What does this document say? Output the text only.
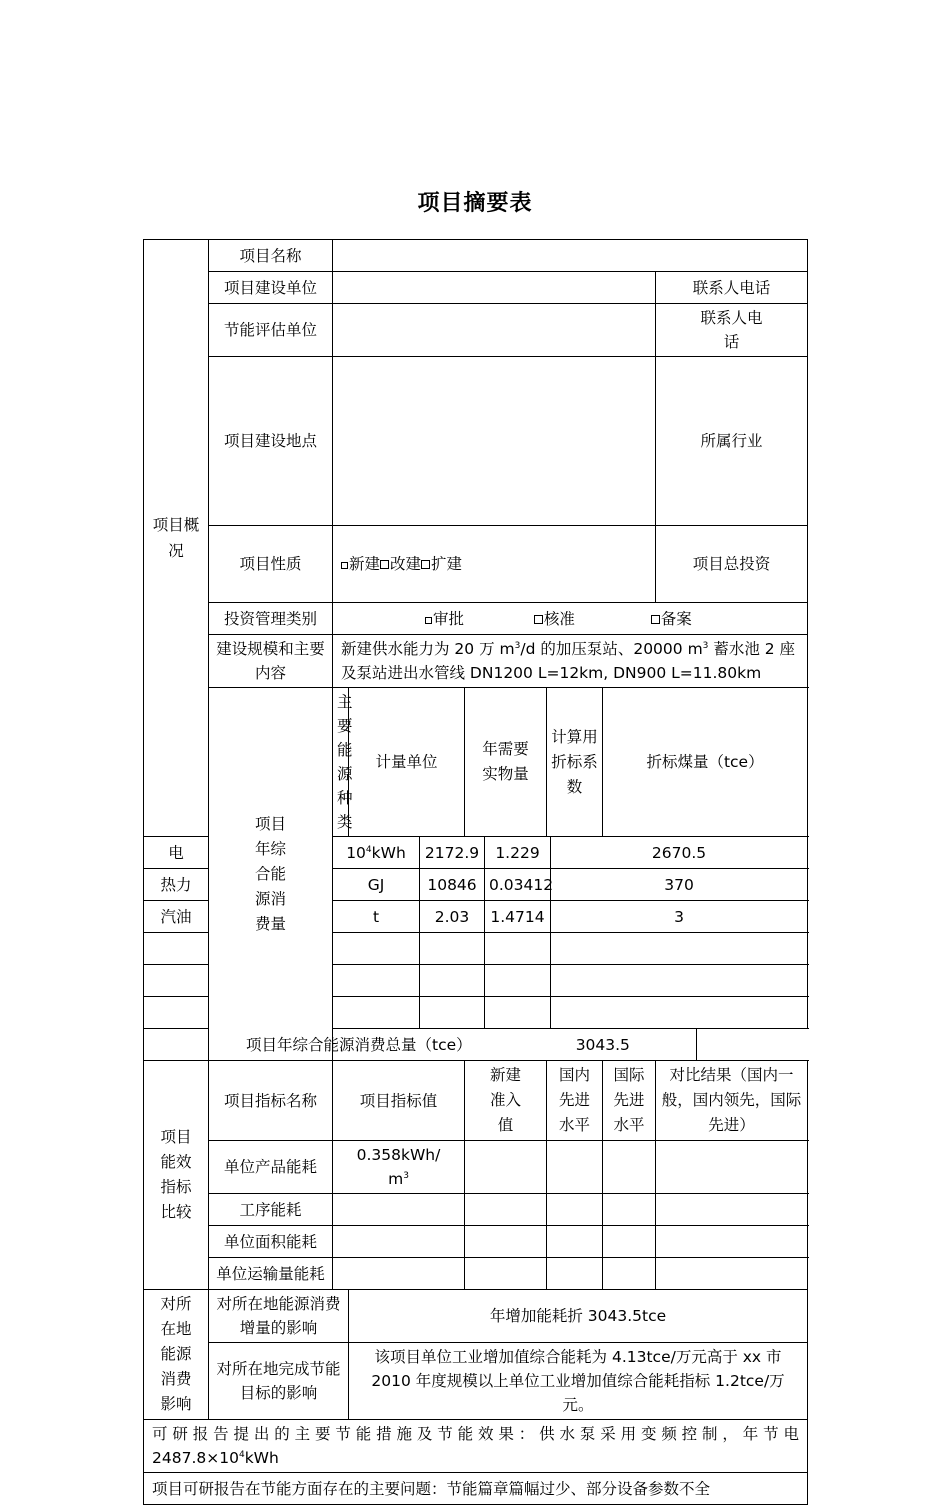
项目摘要表
项目概况	项目名称										
	项目建设单位									联系人电话	
	节能评估单位									联系人电话	

	项目建设地点									所属行业	
	项目性质	新建 改建 扩建								项目总投资	
	投资管理类别	审批 核准 备案									

	建设规模和主要内容	新建供水能力为 20 万 $m^3/d$ 的加压泵站、20000 $m^3$ 蓄水池 2 座
及泵站进出水管线 DN1200 L=12km, DN900 L=11.80km									

	项目年综合能源消费量	主要能源种类	计量单位		年需要实物量		计算用折标系数		折标煤量（tce）		
电		$10^4kWh$		2172.9		1.229		2670.5			
热力		GJ		10846		0.03412		370			
汽油		t		2.03		1.4714		3			

项目年综合能源消费总量（tce） 3043.5											

项目能效指标比较	项目指标名称	项目指标值			新建准入值		国内先进水平		国际先进水平	对比结果（国内一般，国内领先，国际先进）	

	单位产品能耗	0.358kWh/
$m^3$				
	工序能耗										
	单位面积能耗										
	单位运输量能耗										

对所在地能源消费影响	对所在地能源消费增量的影响		年增加能耗折 3043.5tce								

	对所在地完成节能目标的影响		该项目单位工业增加值综合能耗为 4.13tce/万元高于 xx 市 2010 年度规模以上单位工业增加值综合能耗指标 1.2tce/万元。								

可研报告提出的主要节能措施及节能效果：供水泵采用变频控制，年节电
$2487.8\times 10^4kWh$											

项目可研报告在节能方面存在的主要问题：节能篇章篇幅过少、部分设备参数不全											
